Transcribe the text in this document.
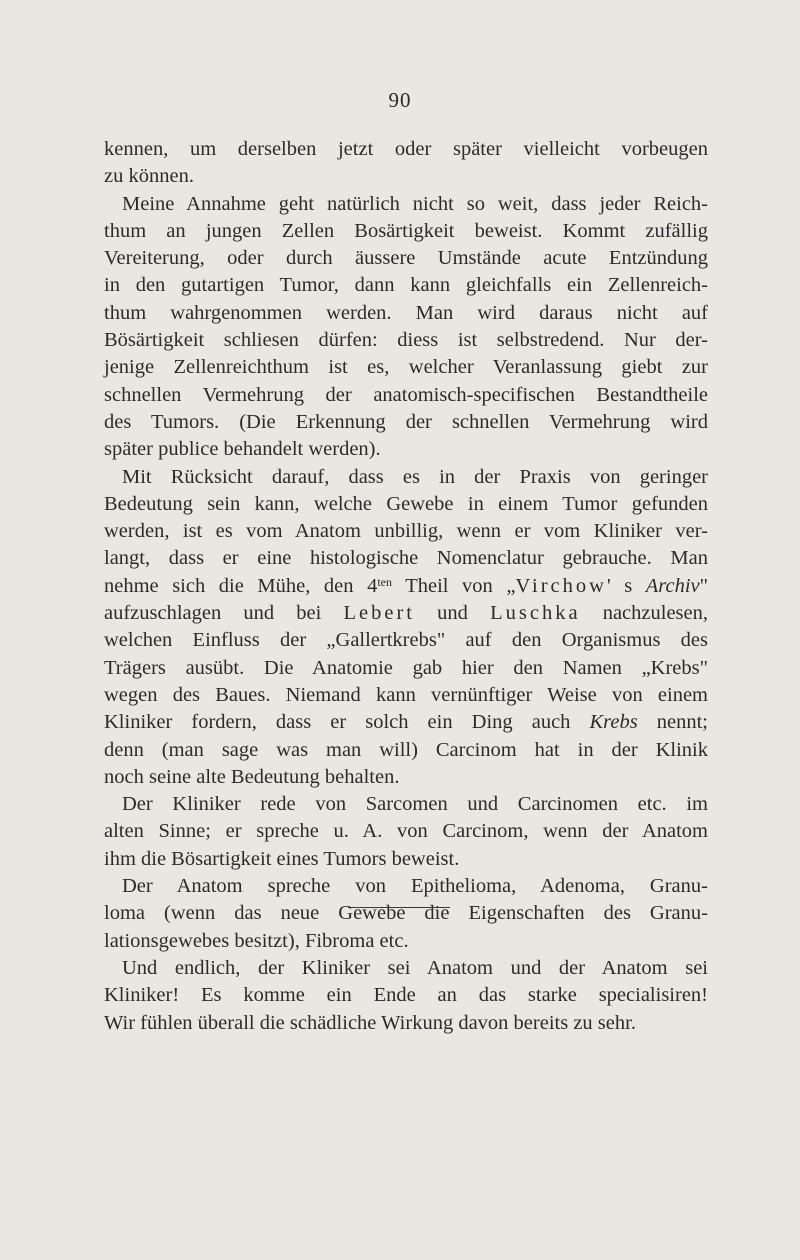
90
kennen, um derselben jetzt oder später vielleicht vorbeugen
zu können.
Meine Annahme geht natürlich nicht so weit, dass jeder Reich-
thum an jungen Zellen Bosärtigkeit beweist. Kommt zufällig
Vereiterung, oder durch äussere Umstände acute Entzündung
in den gutartigen Tumor, dann kann gleichfalls ein Zellenreich-
thum wahrgenommen werden. Man wird daraus nicht auf
Bösärtigkeit schliesen dürfen: diess ist selbstredend. Nur der-
jenige Zellenreichthum ist es, welcher Veranlassung giebt zur
schnellen Vermehrung der anatomisch-specifischen Bestandtheile
des Tumors. (Die Erkennung der schnellen Vermehrung wird
später publice behandelt werden).
Mit Rücksicht darauf, dass es in der Praxis von geringer
Bedeutung sein kann, welche Gewebe in einem Tumor gefunden
werden, ist es vom Anatom unbillig, wenn er vom Kliniker ver-
langt, dass er eine histologische Nomenclatur gebrauche. Man
nehme sich die Mühe, den $4^{ten}$ Theil von „Virchow' s Archiv"
aufzuschlagen und bei Lebert und Luschka nachzulesen,
welchen Einfluss der „Gallertkrebs" auf den Organismus des
Trägers ausübt. Die Anatomie gab hier den Namen „Krebs"
wegen des Baues. Niemand kann vernünftiger Weise von einem
Kliniker fordern, dass er solch ein Ding auch Krebs nennt;
denn (man sage was man will) Carcinom hat in der Klinik
noch seine alte Bedeutung behalten.
Der Kliniker rede von Sarcomen und Carcinomen etc. im
alten Sinne; er spreche u. A. von Carcinom, wenn der Anatom
ihm die Bösartigkeit eines Tumors beweist.
Der Anatom spreche von Epithelioma, Adenoma, Granu-
loma (wenn das neue Gewebe die Eigenschaften des Granu-
lationsgewebes besitzt), Fibroma etc.
Und endlich, der Kliniker sei Anatom und der Anatom sei
Kliniker! Es komme ein Ende an das starke specialisiren!
Wir fühlen überall die schädliche Wirkung davon bereits zu sehr.
